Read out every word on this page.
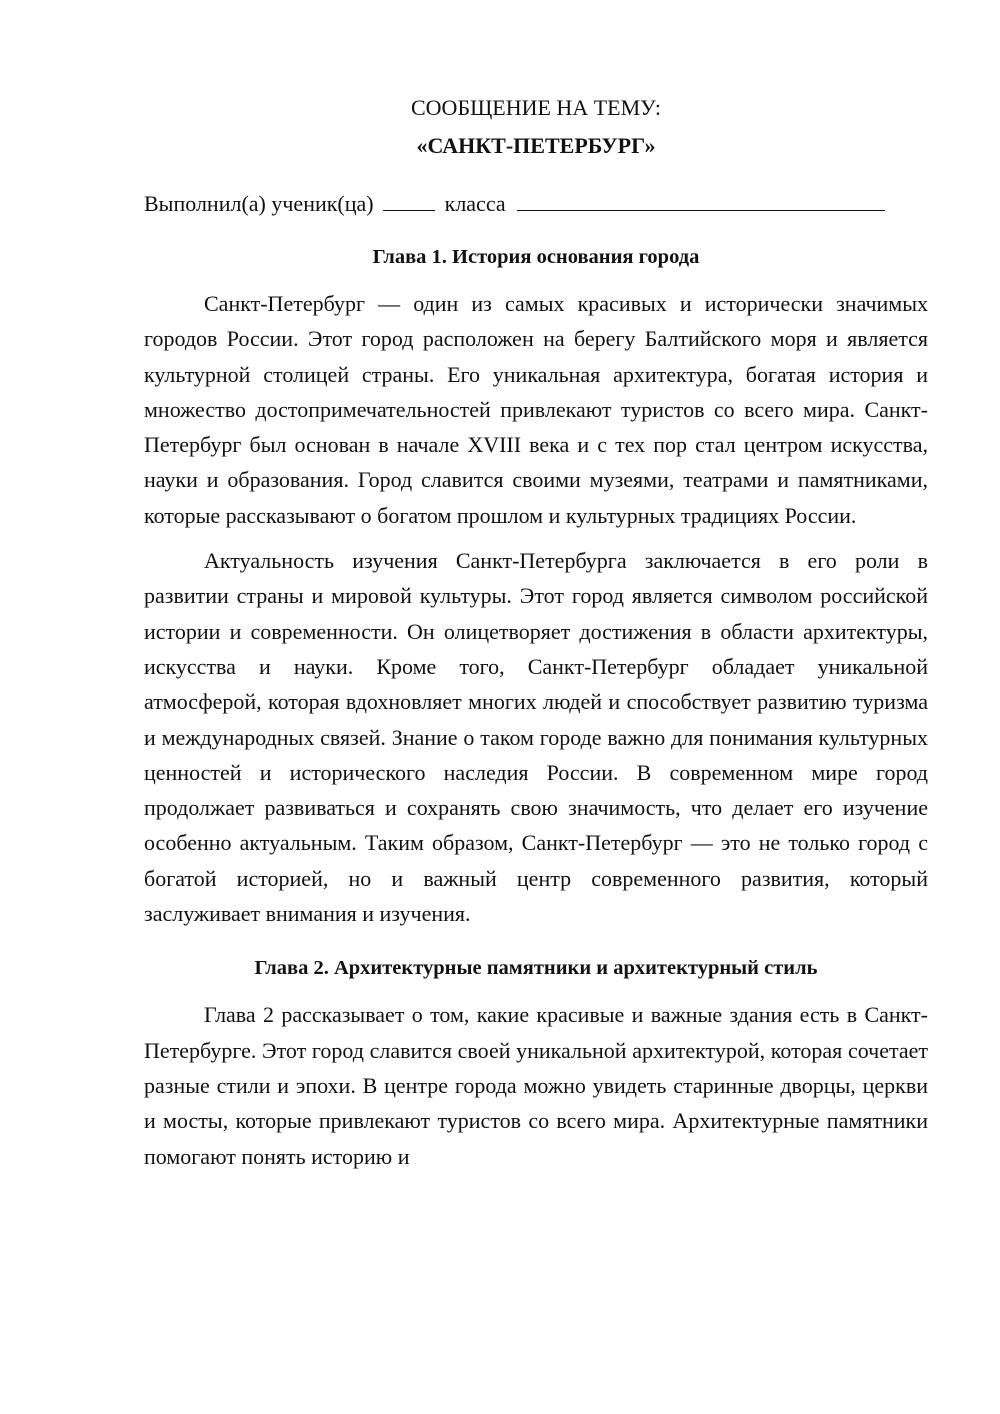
СООБЩЕНИЕ НА ТЕМУ:
«САНКТ-ПЕТЕРБУРГ»
Выполнил(а) ученик(ца)	класса
Глава 1. История основания города

Санкт-Петербург — один из самых красивых и исторически значимых городов России. Этот город расположен на берегу Балтийского моря и является культурной столицей страны. Его уникальная архитектура, богатая история и множество достопримечательностей привлекают туристов со всего мира. Санкт-Петербург был основан в начале XVIII века и с тех пор стал центром искусства, науки и образования. Город славится своими музеями, театрами и памятниками, которые рассказывают о богатом прошлом и культурных традициях России.

Актуальность изучения Санкт-Петербурга заключается в его роли в развитии страны и мировой культуры. Этот город является символом российской истории и современности. Он олицетворяет достижения в области архитектуры, искусства и науки. Кроме того, Санкт-Петербург обладает уникальной атмосферой, которая вдохновляет многих людей и способствует развитию туризма и международных связей. Знание о таком городе важно для понимания культурных ценностей и исторического наследия России. В современном мире город продолжает развиваться и сохранять свою значимость, что делает его изучение особенно актуальным. Таким образом, Санкт-Петербург — это не только город с богатой историей, но и важный центр современного развития, который заслуживает внимания и изучения.

Глава 2. Архитектурные памятники и архитектурный стиль

Глава 2 рассказывает о том, какие красивые и важные здания есть в Санкт-Петербурге. Этот город славится своей уникальной архитектурой, которая сочетает разные стили и эпохи. В центре города можно увидеть старинные дворцы, церкви и мосты, которые привлекают туристов со всего мира. Архитектурные памятники помогают понять историю и
